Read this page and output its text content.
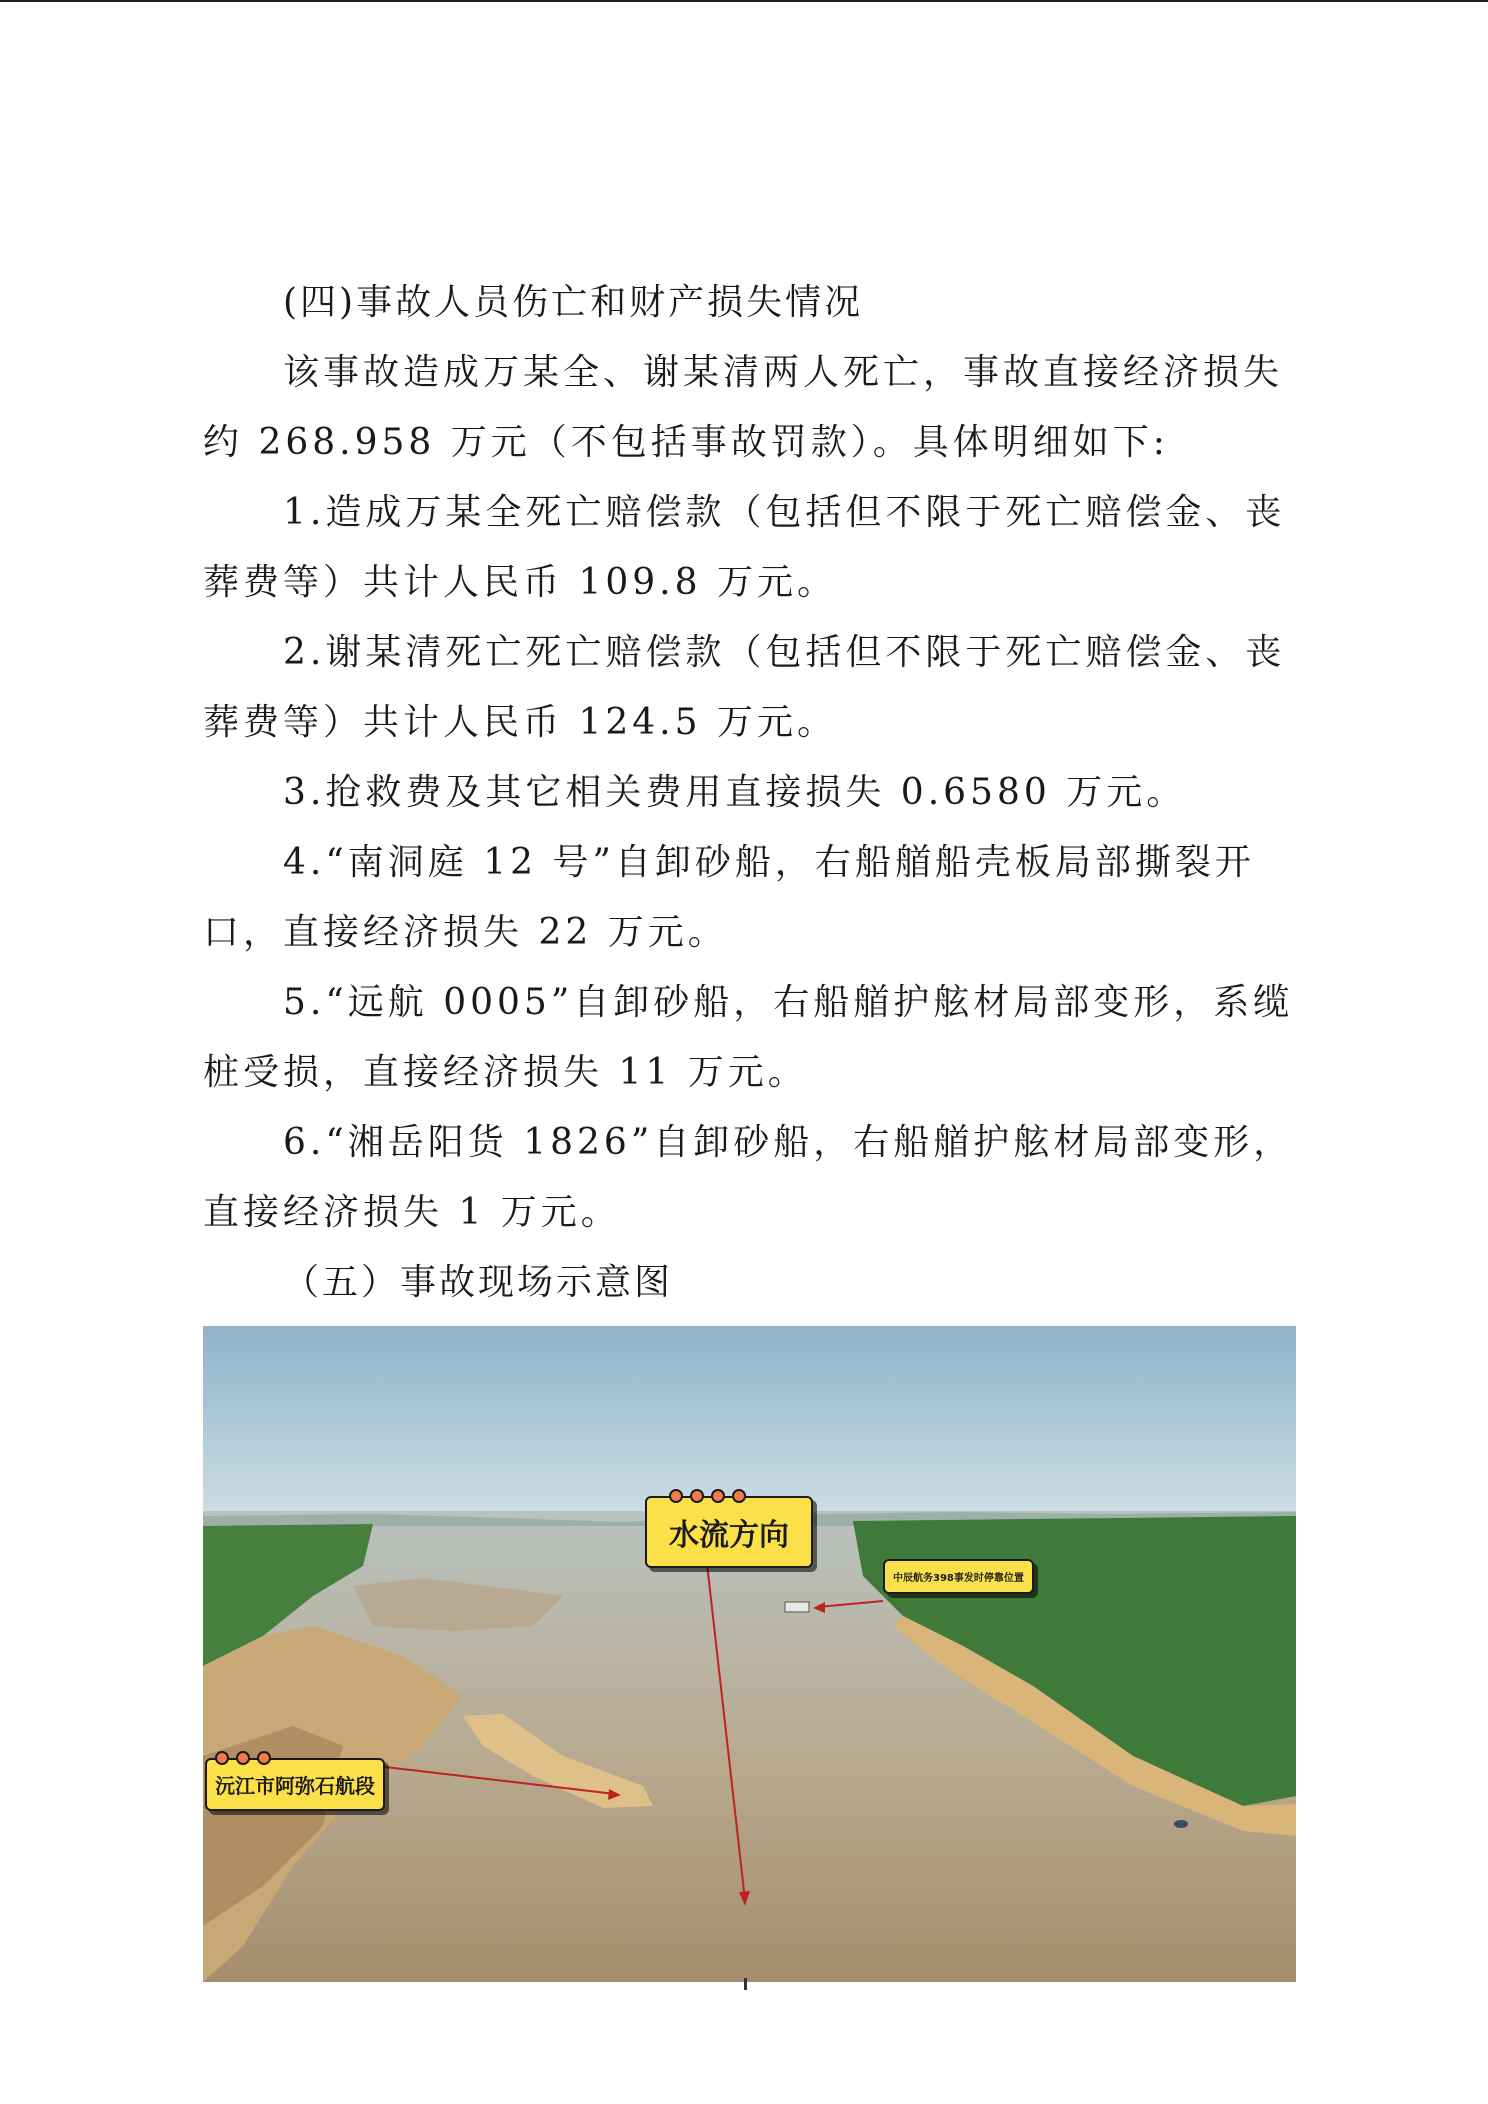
(四)事故人员伤亡和财产损失情况
该事故造成万某全、谢某清两人死亡，事故直接经济损失
约 268.958 万元（不包括事故罚款）。具体明细如下:
1.造成万某全死亡赔偿款（包括但不限于死亡赔偿金、丧
葬费等）共计人民币 109.8 万元。
2.谢某清死亡死亡赔偿款（包括但不限于死亡赔偿金、丧
葬费等）共计人民币 124.5 万元。
3.抢救费及其它相关费用直接损失 0.6580 万元。
4.“南洞庭 12 号”自卸砂船，右船艏船壳板局部撕裂开
口，直接经济损失 22 万元。
5.“远航 0005”自卸砂船，右船艏护舷材局部变形，系缆
桩受损，直接经济损失 11 万元。
6.“湘岳阳货 1826”自卸砂船，右船艏护舷材局部变形，
直接经济损失 1 万元。
（五）事故现场示意图
水流方向
沅江市阿弥石航段
中辰航务398事发时停靠位置
